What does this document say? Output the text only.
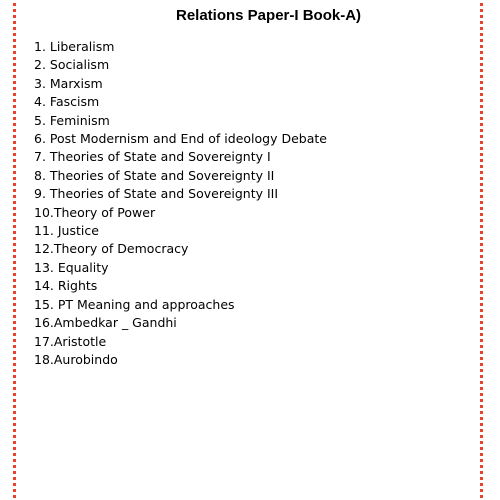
Relations Paper-I Book-A)
1. Liberalism
2. Socialism
3. Marxism
4. Fascism
5. Feminism
6. Post Modernism and End of ideology Debate
7. Theories of State and Sovereignty I
8. Theories of State and Sovereignty II
9. Theories of State and Sovereignty III
10.Theory of Power
11. Justice
12.Theory of Democracy
13. Equality
14. Rights
15. PT Meaning and approaches
16.Ambedkar _ Gandhi
17.Aristotle
18.Aurobindo
